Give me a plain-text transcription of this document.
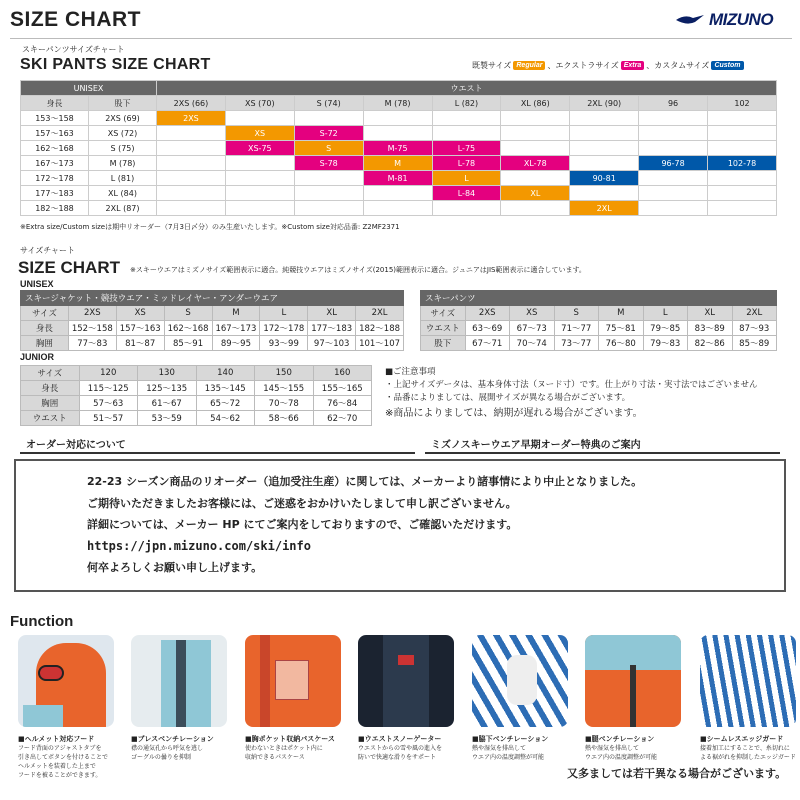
SIZE CHART	MIZUNO
スキーパンツサイズチャート
SKI PANTS SIZE CHART	既製サイズ Regular 、エクストラサイズ Extra 、カスタムサイズ Custom
UNISEX		ウエスト								
身長	股下	2XS (66)	XS (70)	S (74)	M (78)	L (82)	XL (86)	2XL (90)	96	102
153～158	2XS (69)	2XS								
157～163	XS (72)		XS	S-72						
162～168	S (75)		XS-75	S	M-75	L-75				
167～173	M (78)			S-78	M	L-78	XL-78		96-78	102-78
172～178	L (81)				M-81	L		90-81		
177～183	XL (84)					L-84	XL			
182～188	2XL (87)							2XL		
※Extra size/Custom sizeは期中リオーダー（7月3日〆分）のみ生産いたします。※Custom size対応品番: Z2MF2371
サイズチャート
SIZE CHART ※スキーウエアはミズノサイズ範囲表示に適合。純競技ウエアはミズノサイズ(2015)範囲表示に適合。ジュニアはJIS範囲表示に適合しています。
UNISEX
スキージャケット・競技ウエア・ミッドレイヤー・アンダーウエア							
サイズ	2XS	XS	S	M	L	XL	2XL
身長	152～158	157～163	162～168	167～173	172～178	177～183	182～188
胸囲	77～83	81～87	85～91	89～95	93～99	97～103	101～107
スキーパンツ							
サイズ	2XS	XS	S	M	L	XL	2XL
ウエスト	63～69	67～73	71～77	75～81	79～85	83～89	87～93
股下	67～71	70～74	73～77	76～80	79～83	82～86	85～89
JUNIOR
サイズ	120	130	140	150	160
身長	115～125	125～135	135～145	145～155	155～165
胸囲	57～63	61～67	65～72	70～78	76～84
ウエスト	51～57	53～59	54～62	58～66	62～70
■ご注意事項
・上記サイズデータは、基本身体寸法（ヌード寸）です。仕上がり寸法・実寸法ではございません
・品番によりましては、展開サイズが異なる場合がございます。
※商品によりましては、納期が遅れる場合がございます。
オーダー対応について	ミズノスキーウエア早期オーダー特典のご案内
22-23 シーズン商品のリオーダー（追加受注生産）に関しては、メーカーより諸事情により中止となりました。
ご期待いただきましたお客様には、ご迷惑をおかけいたしまして申し訳ございません。
詳細については、メーカー HP にてご案内をしておりますので、ご確認いただけます。
https://jpn.mizuno.com/ski/info
何卒よろしくお願い申し上げます。
Function
■ヘルメット対応フード
フード背面のアジャストタブを
引き出してボタンを付けることで
ヘルメットを装着した上まで
フードを被ることができます。
■ブレスベンチレーション
襟の通気孔から呼気を逃し
ゴーグルの曇りを抑制
■胸ポケット収納パスケース
使わないときはポケット内に
収納できるパスケース
■ウエストスノーゲーター
ウエストからの雪や風の進入を
防いで快適な滑りをサポート
■脇下ベンチレーション
熱や湿気を排出して
ウエア内の温度調整が可能
■腿ベンチレーション
熱や湿気を排出して
ウエア内の温度調整が可能
■シームレスエッジガード
接着加工にすることで、糸切れに
よる裾がれを抑制したエッジガード
又多ましては若干異なる場合がございます。
